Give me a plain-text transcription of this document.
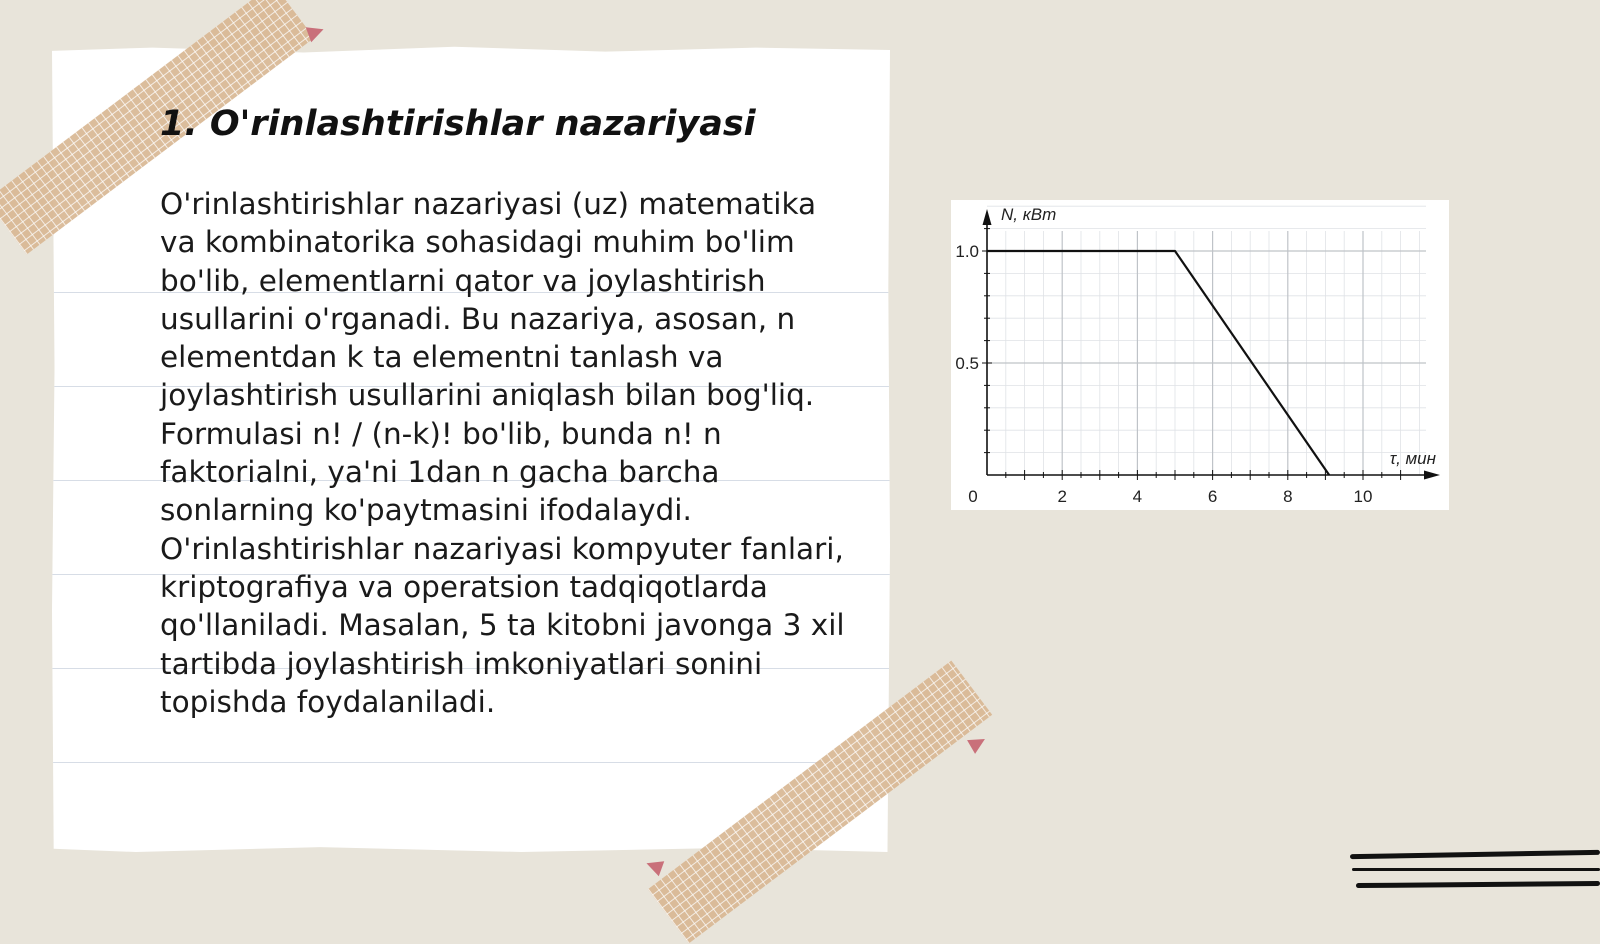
1. O'rinlashtirishlar nazariyasi

O'rinlashtirishlar nazariyasi (uz) matematika va kombinatorika sohasidagi muhim bo'lim bo'lib, elementlarni qator va joylashtirish usullarini o'rganadi. Bu nazariya, asosan, n elementdan k ta elementni tanlash va joylashtirish usullarini aniqlash bilan bog'liq. Formulasi n! / (n-k)! bo'lib, bunda n! n faktorialni, ya'ni 1dan n gacha barcha sonlarning ko'paytmasini ifodalaydi. O'rinlashtirishlar nazariyasi kompyuter fanlari, kriptografiya va operatsion tadqiqotlarda qo'llaniladi. Masalan, 5 ta kitobni javonga 3 xil tartibda joylashtirish imkoniyatlari sonini topishda foydalaniladi.

2	4	6	8	10
0.5
1.0
0
N, кВт
τ, мин
